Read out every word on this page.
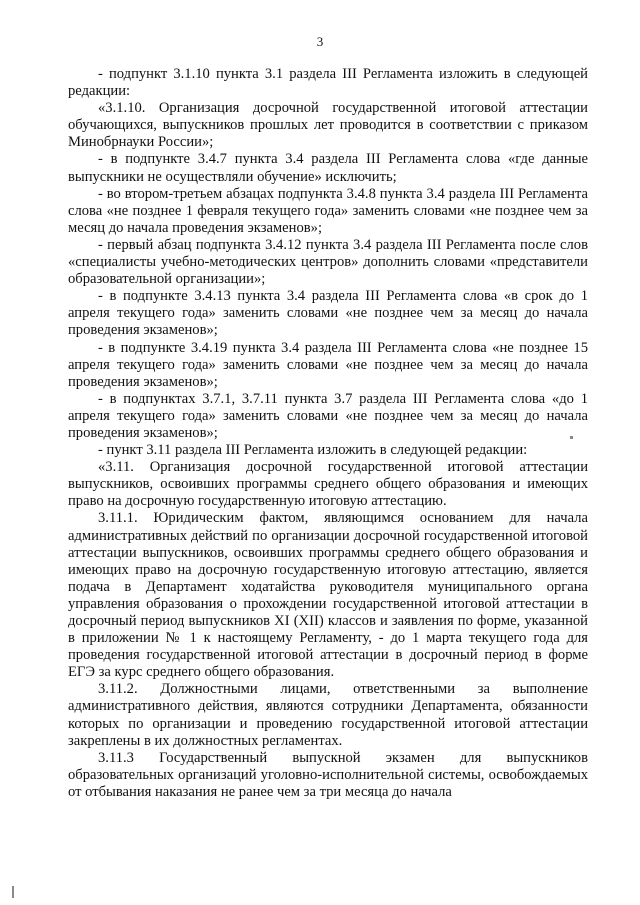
3

- подпункт 3.1.10 пункта 3.1 раздела III Регламента изложить в следующей редакции:

«3.1.10. Организация досрочной государственной итоговой аттестации обучающихся, выпускников прошлых лет проводится в соответствии с приказом Минобрнауки России»;

- в подпункте 3.4.7 пункта 3.4 раздела III Регламента слова «где данные выпускники не осуществляли обучение» исключить;

- во втором-третьем абзацах подпункта 3.4.8 пункта 3.4 раздела III Регламента слова «не позднее 1 февраля текущего года» заменить словами «не позднее чем за месяц до начала проведения экзаменов»;

- первый абзац подпункта 3.4.12 пункта 3.4 раздела III Регламента после слов «специалисты учебно-методических центров» дополнить словами «представители образовательной организации»;

- в подпункте 3.4.13 пункта 3.4 раздела III Регламента слова «в срок до 1 апреля текущего года» заменить словами «не позднее чем за месяц до начала проведения экзаменов»;

- в подпункте 3.4.19 пункта 3.4 раздела III Регламента слова «не позднее 15 апреля текущего года» заменить словами «не позднее чем за месяц до начала проведения экзаменов»;

- в подпунктах 3.7.1, 3.7.11 пункта 3.7 раздела III Регламента слова «до 1 апреля текущего года» заменить словами «не позднее чем за месяц до начала проведения экзаменов»;

- пункт 3.11 раздела III Регламента изложить в следующей редакции:

«3.11. Организация досрочной государственной итоговой аттестации выпускников, освоивших программы среднего общего образования и имеющих право на досрочную государственную итоговую аттестацию.

3.11.1. Юридическим фактом, являющимся основанием для начала административных действий по организации досрочной государственной итоговой аттестации выпускников, освоивших программы среднего общего образования и имеющих право на досрочную государственную итоговую аттестацию, является подача в Департамент ходатайства руководителя муниципального органа управления образования о прохождении государственной итоговой аттестации в досрочный период выпускников XI (XII) классов и заявления по форме, указанной в приложении № 1 к настоящему Регламенту, - до 1 марта текущего года для проведения государственной итоговой аттестации в досрочный период в форме ЕГЭ за курс среднего общего образования.

3.11.2. Должностными лицами, ответственными за выполнение административного действия, являются сотрудники Департамента, обязанности которых по организации и проведению государственной итоговой аттестации закреплены в их должностных регламентах.

3.11.3 Государственный выпускной экзамен для выпускников образовательных организаций уголовно-исполнительной системы, освобождаемых от отбывания наказания не ранее чем за три месяца до начала
